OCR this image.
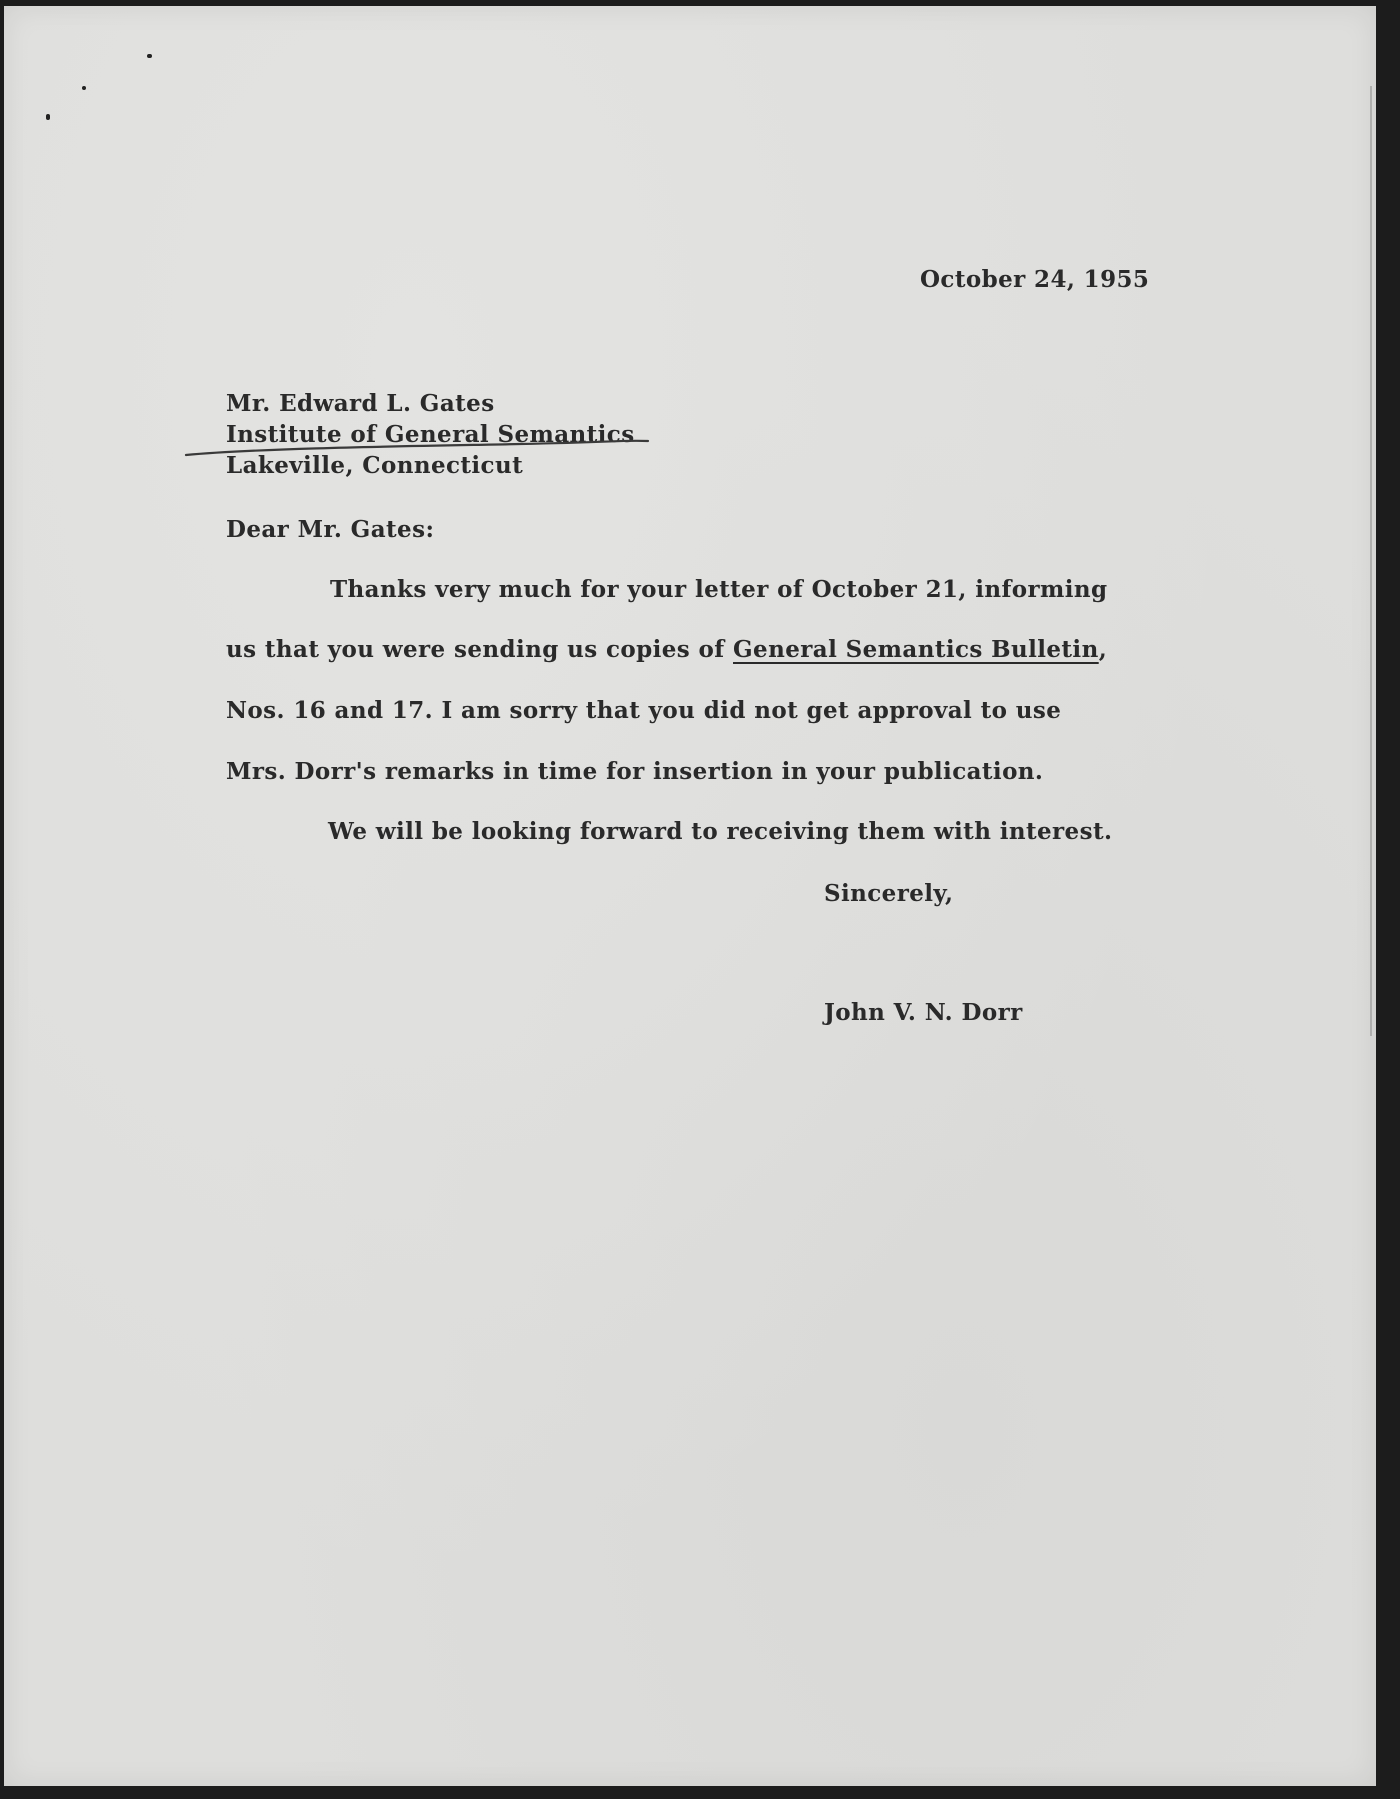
October 24, 1955
Mr. Edward L. Gates
Institute of General Semantics
Lakeville, Connecticut
Dear Mr. Gates:
Thanks very much for your letter of October 21, informing
us that you were sending us copies of General Semantics Bulletin,
Nos. 16 and 17. I am sorry that you did not get approval to use
Mrs. Dorr's remarks in time for insertion in your publication.
We will be looking forward to receiving them with interest.
Sincerely,
John V. N. Dorr
